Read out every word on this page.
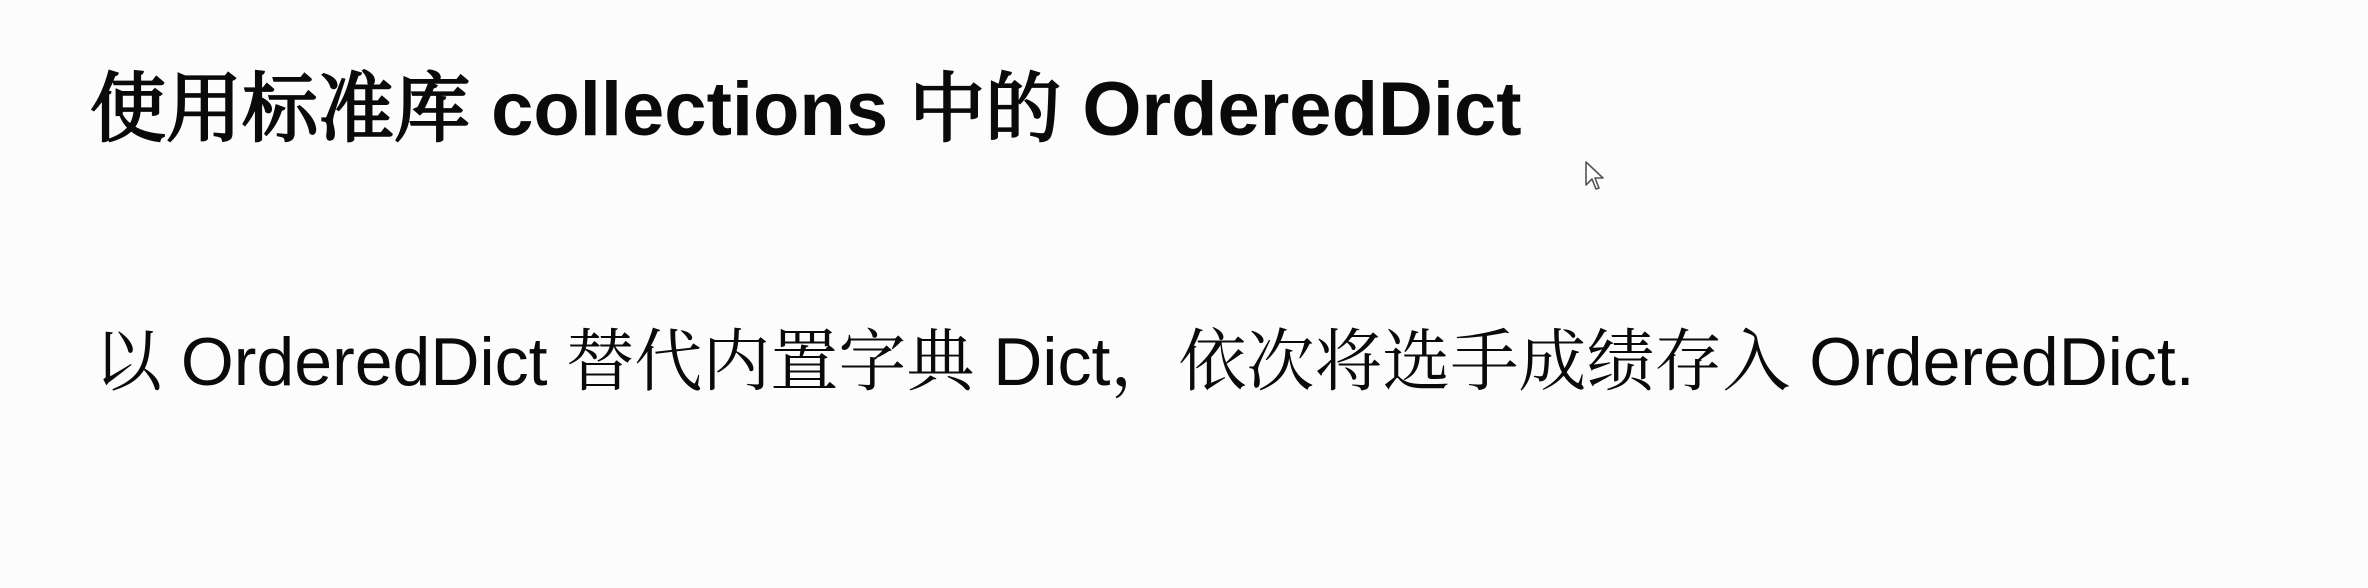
使用标准库 collections 中的 OrderedDict

以 OrderedDict 替代内置字典 Dict，依次将选手成绩存入 OrderedDict.
